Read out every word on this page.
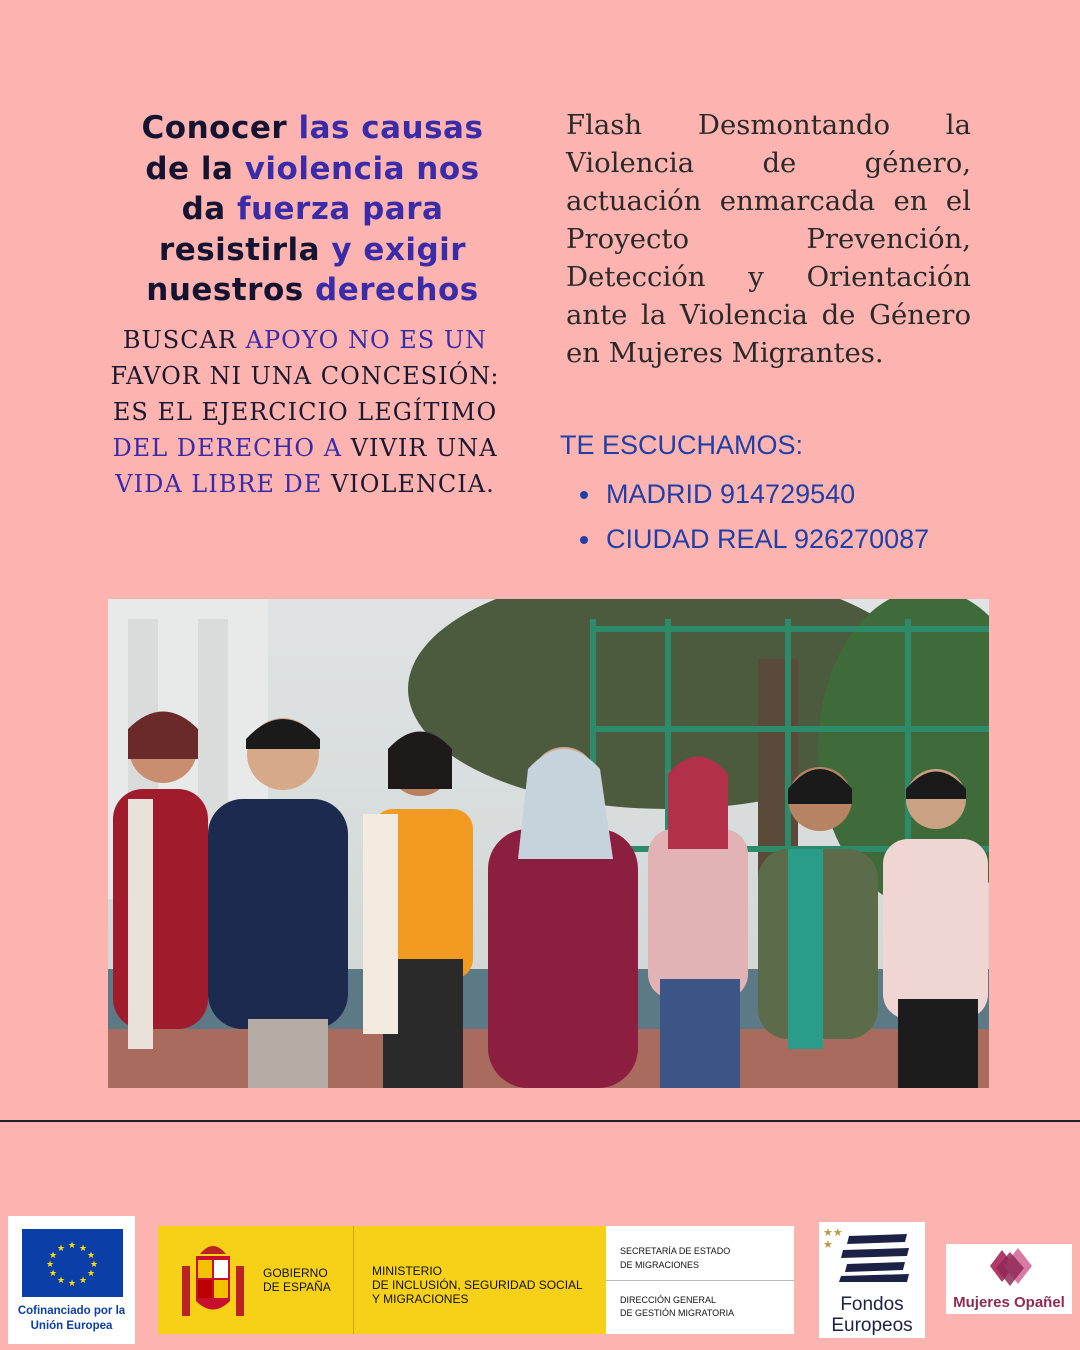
Conocer las causas de la violencia nos da fuerza para resistirla y exigir nuestros derechos
BUSCAR APOYO NO ES UN FAVOR NI UNA CONCESIÓN: ES EL EJERCICIO LEGÍTIMO DEL DERECHO A VIVIR UNA VIDA LIBRE DE VIOLENCIA.
Flash Desmontando la Violencia de género, actuación enmarcada en el Proyecto Prevención, Detección y Orientación ante la Violencia de Género en Mujeres Migrantes.
TE ESCUCHAMOS:
MADRID 914729540
CIUDAD REAL 926270087
★ ★
★
★
★
★
★
★
★
★
★
★
Cofinanciado por la Unión Europea
GOBIERNO DE ESPAÑA
MINISTERIO
DE INCLUSIÓN, SEGURIDAD SOCIAL
Y MIGRACIONES
SECRETARÍA DE ESTADO
DE MIGRACIONES
DIRECCIÓN GENERAL
DE GESTIÓN MIGRATORIA
★★
★
Fondos
Europeos
Mujeres Opañel
